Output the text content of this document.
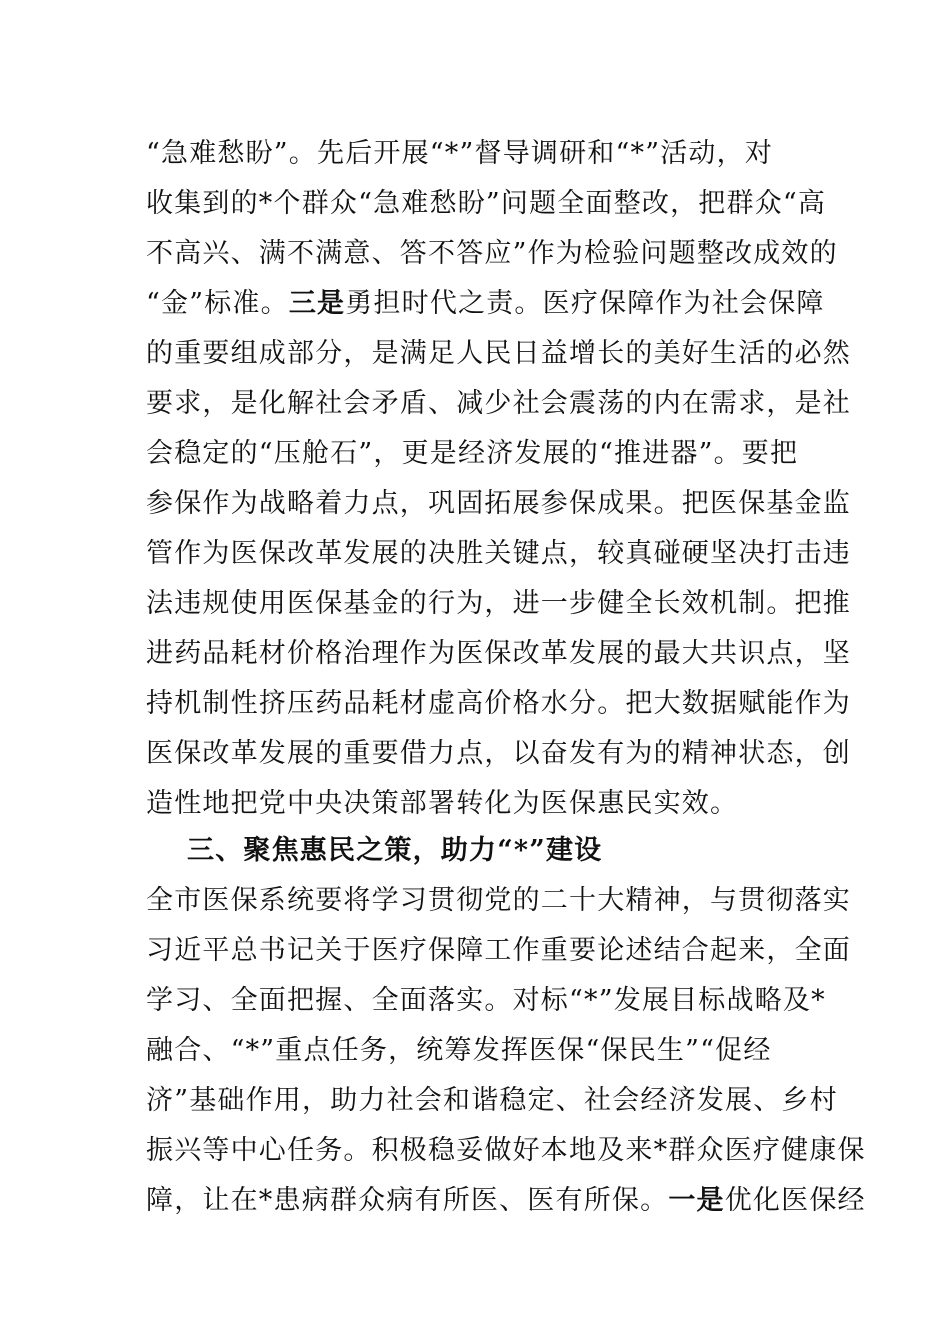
“急难愁盼”。先后开展“*”督导调研和“*”活动，对
收集到的*个群众“急难愁盼”问题全面整改，把群众“高
不高兴、满不满意、答不答应”作为检验问题整改成效的
“金”标准。三是勇担时代之责。医疗保障作为社会保障
的重要组成部分，是满足人民日益增长的美好生活的必然
要求，是化解社会矛盾、减少社会震荡的内在需求，是社
会稳定的“压舱石”，更是经济发展的“推进器”。要把
参保作为战略着力点，巩固拓展参保成果。把医保基金监
管作为医保改革发展的决胜关键点，较真碰硬坚决打击违
法违规使用医保基金的行为，进一步健全长效机制。把推
进药品耗材价格治理作为医保改革发展的最大共识点，坚
持机制性挤压药品耗材虚高价格水分。把大数据赋能作为
医保改革发展的重要借力点，以奋发有为的精神状态，创
造性地把党中央决策部署转化为医保惠民实效。
三、聚焦惠民之策，助力“*”建设
全市医保系统要将学习贯彻党的二十大精神，与贯彻落实
习近平总书记关于医疗保障工作重要论述结合起来，全面
学习、全面把握、全面落实。对标“*”发展目标战略及*
融合、“*”重点任务，统筹发挥医保“保民生”“促经
济”基础作用，助力社会和谐稳定、社会经济发展、乡村
振兴等中心任务。积极稳妥做好本地及来*群众医疗健康保
障，让在*患病群众病有所医、医有所保。一是优化医保经
